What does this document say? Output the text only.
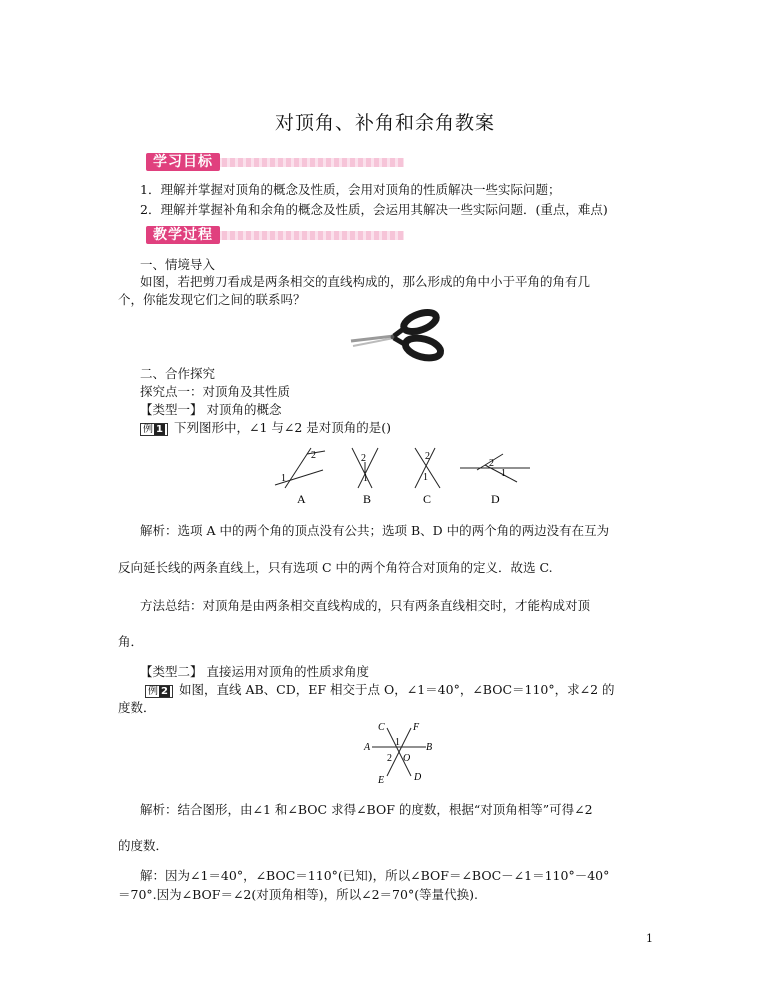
对顶角、补角和余角教案
学习目标
1．理解并掌握对顶角的概念及性质，会用对顶角的性质解决一些实际问题；
2．理解并掌握补角和余角的概念及性质，会运用其解决一些实际问题．(重点，难点)
教学过程
一、情境导入
如图，若把剪刀看成是两条相交的直线构成的，那么形成的角中小于平角的角有几
个，你能发现它们之间的联系吗？
二、合作探究
探究点一：对顶角及其性质
【类型一】 对顶角的概念
例 1 下列图形中，∠1 与∠2 是对顶角的是()
2
1
A
2
1
B
2
1
C
2
1
D
解析：选项 A 中的两个角的顶点没有公共；选项 B、D 中的两个角的两边没有在互为
反向延长线的两条直线上，只有选项 C 中的两个角符合对顶角的定义．故选 C.
方法总结：对顶角是由两条相交直线构成的，只有两条直线相交时，才能构成对顶
角．
【类型二】 直接运用对顶角的性质求角度
例 2 如图，直线 AB、CD，EF 相交于点 O，∠1＝40°，∠BOC＝110°，求∠2 的
度数．
C	F
A	B
O
E	D
1
2
解析：结合图形，由∠1 和∠BOC 求得∠BOF 的度数，根据“对顶角相等”可得∠2
的度数．
解：因为∠1＝40°，∠BOC＝110°(已知)，所以∠BOF＝∠BOC－∠1＝110°－40°
＝70°.因为∠BOF＝∠2(对顶角相等)，所以∠2＝70°(等量代换).
1
